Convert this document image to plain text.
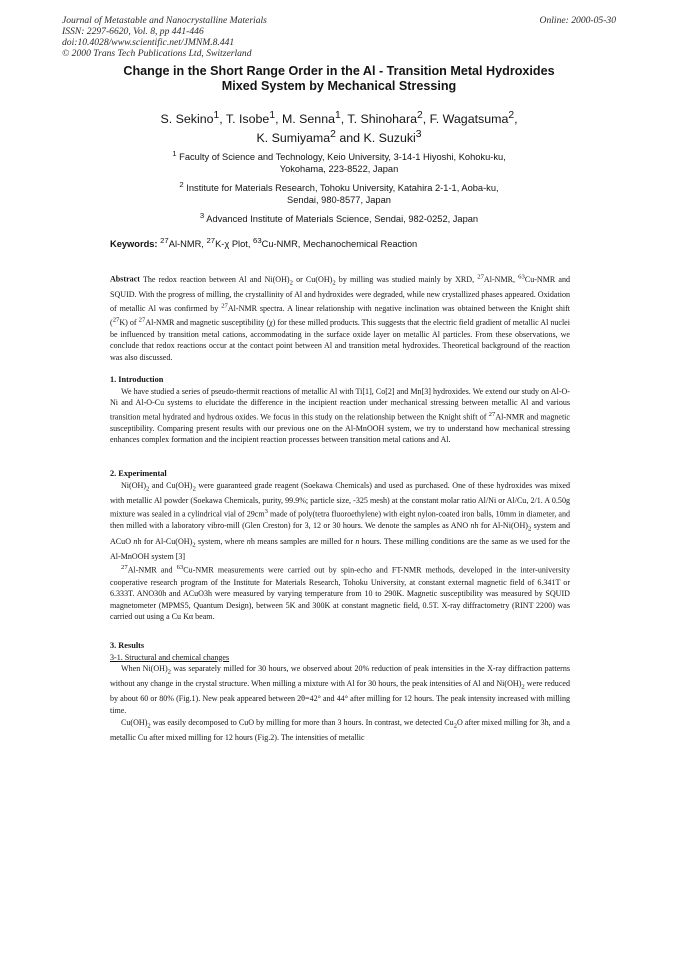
Journal of Metastable and Nanocrystalline Materials
ISSN: 2297-6620, Vol. 8, pp 441-446
doi:10.4028/www.scientific.net/JMNM.8.441
© 2000 Trans Tech Publications Ltd, Switzerland
Online: 2000-05-30
Change in the Short Range Order in the Al - Transition Metal Hydroxides
Mixed System by Mechanical Stressing
S. Sekino$^1$, T. Isobe$^1$, M. Senna$^1$, T. Shinohara$^2$, F. Wagatsuma$^2$,
K. Sumiyama$^2$ and K. Suzuki$^3$
$^1$ Faculty of Science and Technology, Keio University, 3-14-1 Hiyoshi, Kohoku-ku,
Yokohama, 223-8522, Japan
$^2$ Institute for Materials Research, Tohoku University, Katahira 2-1-1, Aoba-ku,
Sendai, 980-8577, Japan
$^3$ Advanced Institute of Materials Science, Sendai, 982-0252, Japan
Keywords: $^{27}$Al-NMR, $^{27}$K-χ Plot, $^{63}$Cu-NMR, Mechanochemical Reaction
Abstract The redox reaction between Al and $Ni(OH)_2$ or $Cu(OH)_2$ by milling was studied mainly by XRD, $^{27}$Al-NMR, $^{63}$Cu-NMR and SQUID. With the progress of milling, the crystallinity of Al and hydroxides were degraded, while new crystallized phases appeared. Oxidation of metallic Al was confirmed by $^{27}$Al-NMR spectra. A linear relationship with negative inclination was obtained between the Knight shift ($^{27}$K) of $^{27}$Al-NMR and magnetic susceptibility (χ) for these milled products. This suggests that the electric field gradient of metallic Al nuclei be influenced by transition metal cations, accommodating in the surface oxide layer on metallic Al particles. From these observations, we conclude that redox reactions occur at the contact point between Al and transition metal hydroxides. Theoretical background of the reaction was also discussed.
1. Introduction
We have studied a series of pseudo-thermit reactions of metallic Al with Ti[1], Co[2] and Mn[3] hydroxides. We extend our study on Al-O-Ni and Al-O-Cu systems to elucidate the difference in the incipient reaction under mechanical stressing between metallic Al and various transition metal hydrated and hydrous oxides. We focus in this study on the relationship between the Knight shift of $^{27}$Al-NMR and magnetic susceptibility. Comparing present results with our previous one on the Al-MnOOH system, we try to understand how mechanical stressing enhances complex formation and the incipient reaction processes between transition metal cations and Al.
2. Experimental
$Ni(OH)_2$ and $Cu(OH)_2$ were guaranteed grade reagent (Soekawa Chemicals) and used as purchased. One of these hydroxides was mixed with metallic Al powder (Soekawa Chemicals, purity, 99.9%; particle size, -325 mesh) at the constant molar ratio Al/Ni or Al/Cu, 2/1. A 0.50g mixture was sealed in a cylindrical vial of $29cm^3$ made of poly(tetra fluoroethylene) with eight nylon-coated iron balls, 10mm in diameter, and then milled with a laboratory vibro-mill (Glen Creston) for 3, 12 or 30 hours. We denote the samples as ANO nh for $Al-Ni(OH)_2$ system and ACuO nh for $Al-Cu(OH)_2$ system, where nh means samples are milled for n hours. These milling conditions are the same as we used for the Al-MnOOH system [3]
$^{27}$Al-NMR and $^{63}$Cu-NMR measurements were carried out by spin-echo and FT-NMR methods, developed in the inter-university cooperative research program of the Institute for Materials Research, Tohoku University, at constant external magnetic field of 6.341T or 6.333T. ANO30h and ACuO3h were measured by varying temperature from 10 to 290K. Magnetic susceptibility was measured by SQUID magnetometer (MPMS5, Quantum Design), between 5K and 300K at constant magnetic field, 0.5T. X-ray diffractometry (RINT 2200) was carried out using a Cu Kα beam.
3. Results
3-1. Structural and chemical changes
When $Ni(OH)_2$ was separately milled for 30 hours, we observed about 20% reduction of peak intensities in the X-ray diffraction patterns without any change in the crystal structure. When milling a mixture with Al for 30 hours, the peak intensities of Al and $Ni(OH)_2$ were reduced by about 60 or 80% (Fig.1). New peak appeared between 2θ=42° and 44° after milling for 12 hours. The peak intensity increased with milling time.
$Cu(OH)_2$ was easily decomposed to CuO by milling for more than 3 hours. In contrast, we detected $Cu_2O$ after mixed milling for 3h, and a metallic Cu after mixed milling for 12 hours (Fig.2). The intensities of metallic
